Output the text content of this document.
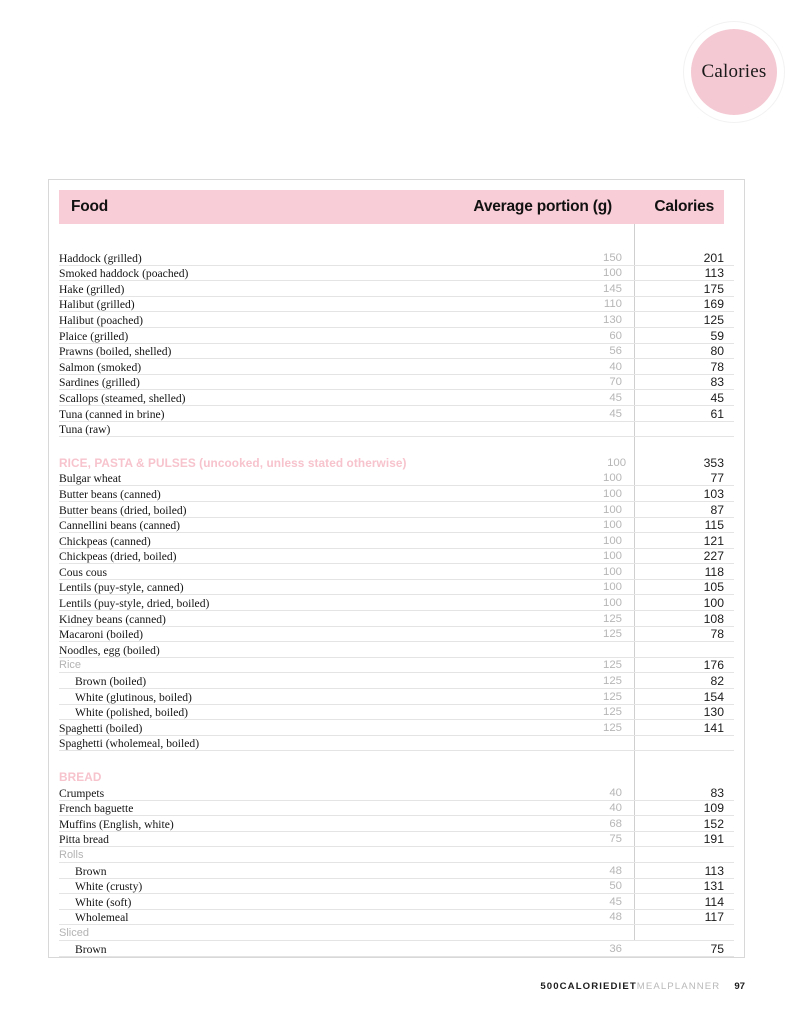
Calories
Food	Average portion (g)	Calories
Haddock (grilled)	150	201
Smoked haddock (poached)	100	113
Hake (grilled)	145	175
Halibut (grilled)	110	169
Halibut (poached)	130	125
Plaice (grilled)	60	59
Prawns (boiled, shelled)	56	80
Salmon (smoked)	40	78
Sardines (grilled)	70	83
Scallops (steamed, shelled)	45	45
Tuna (canned in brine)	45	61
Tuna (raw)
RICE, PASTA & PULSES (uncooked, unless stated otherwise)	100	353
Bulgar wheat	100	77
Butter beans (canned)	100	103
Butter beans (dried, boiled)	100	87
Cannellini beans (canned)	100	115
Chickpeas (canned)	100	121
Chickpeas (dried, boiled)	100	227
Cous cous	100	118
Lentils (puy-style, canned)	100	105
Lentils (puy-style, dried, boiled)	100	100
Kidney beans (canned)	125	108
Macaroni (boiled)	125	78
Noodles, egg (boiled)
Rice	125	176
Brown (boiled)	125	82
White (glutinous, boiled)	125	154
White (polished, boiled)	125	130
Spaghetti (boiled)	125	141
Spaghetti (wholemeal, boiled)
BREAD
Crumpets	40	83
French baguette	40	109
Muffins (English, white)	68	152
Pitta bread	75	191
Rolls
Brown	48	113
White (crusty)	50	131
White (soft)	45	114
Wholemeal	48	117
Sliced
Brown	36	75
500CALORIEDIETMEALPLANNER 97
